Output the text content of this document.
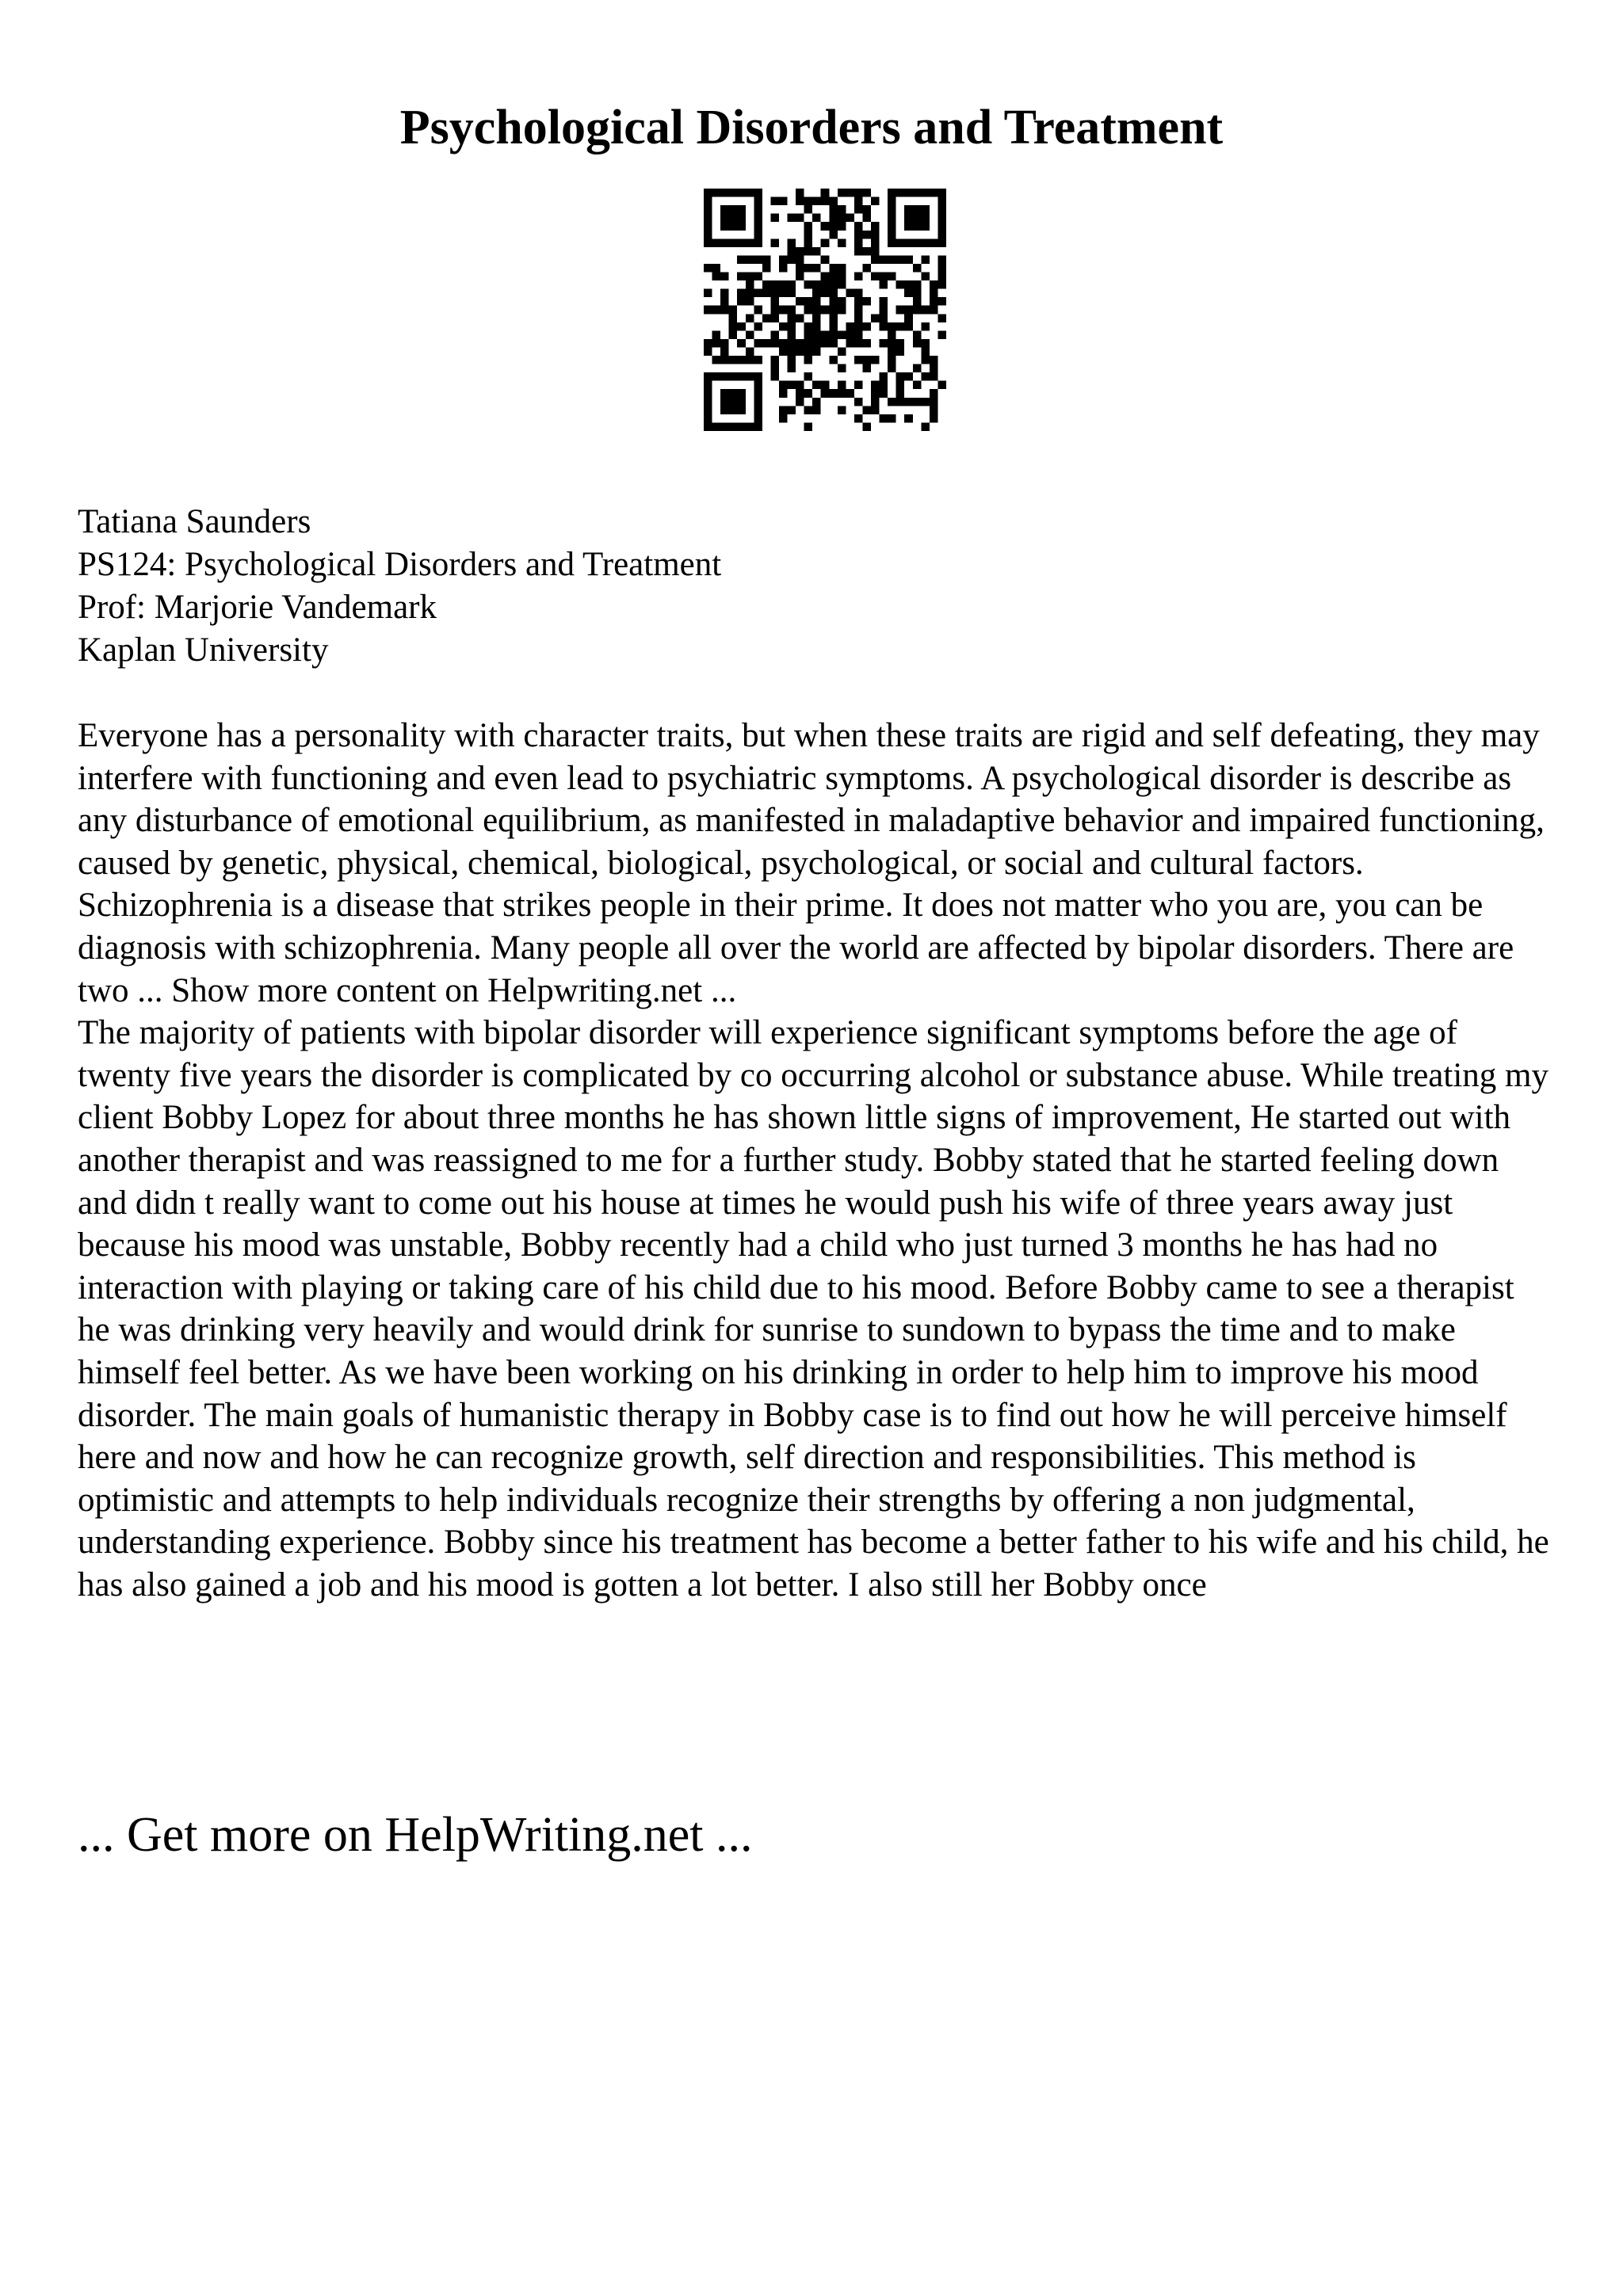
Psychological Disorders and Treatment
Tatiana Saunders
PS124: Psychological Disorders and Treatment
Prof: Marjorie Vandemark
Kaplan University

Everyone has a personality with character traits, but when these traits are rigid and self defeating, they may interfere with functioning and even lead to psychiatric symptoms. A psychological disorder is describe as any disturbance of emotional equilibrium, as manifested in maladaptive behavior and impaired functioning, caused by genetic, physical, chemical, biological, psychological, or social and cultural factors. Schizophrenia is a disease that strikes people in their prime. It does not matter who you are, you can be diagnosis with schizophrenia. Many people all over the world are affected by bipolar disorders. There are two ... Show more content on Helpwriting.net ...

The majority of patients with bipolar disorder will experience significant symptoms before the age of twenty five years the disorder is complicated by co occurring alcohol or substance abuse. While treating my client Bobby Lopez for about three months he has shown little signs of improvement, He started out with another therapist and was reassigned to me for a further study. Bobby stated that he started feeling down and didn t really want to come out his house at times he would push his wife of three years away just because his mood was unstable, Bobby recently had a child who just turned 3 months he has had no interaction with playing or taking care of his child due to his mood. Before Bobby came to see a therapist he was drinking very heavily and would drink for sunrise to sundown to bypass the time and to make himself feel better. As we have been working on his drinking in order to help him to improve his mood disorder. The main goals of humanistic therapy in Bobby case is to find out how he will perceive himself here and now and how he can recognize growth, self direction and responsibilities. This method is optimistic and attempts to help individuals recognize their strengths by offering a non judgmental, understanding experience. Bobby since his treatment has become a better father to his wife and his child, he has also gained a job and his mood is gotten a lot better. I also still her Bobby once

... Get more on HelpWriting.net ...
